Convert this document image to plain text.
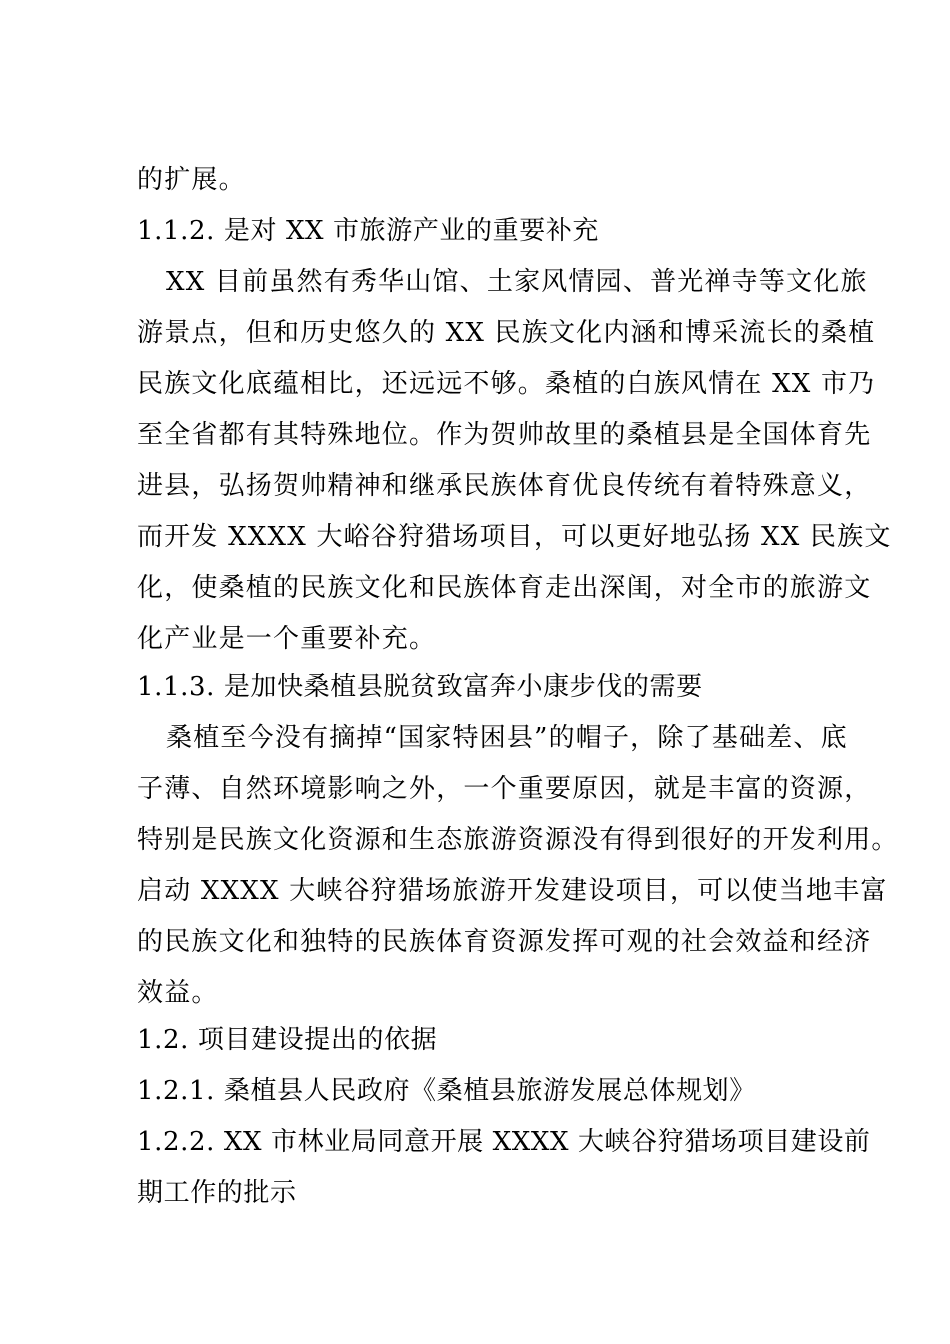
的扩展。
1.1.2. 是对 XX 市旅游产业的重要补充
XX 目前虽然有秀华山馆、土家风情园、普光禅寺等文化旅
游景点，但和历史悠久的 XX 民族文化内涵和博采流长的桑植
民族文化底蕴相比，还远远不够。桑植的白族风情在 XX 市乃
至全省都有其特殊地位。作为贺帅故里的桑植县是全国体育先
进县，弘扬贺帅精神和继承民族体育优良传统有着特殊意义，
而开发 XXXX 大峪谷狩猎场项目，可以更好地弘扬 XX 民族文
化，使桑植的民族文化和民族体育走出深闺，对全市的旅游文
化产业是一个重要补充。
1.1.3. 是加快桑植县脱贫致富奔小康步伐的需要
桑植至今没有摘掉“国家特困县”的帽子，除了基础差、底
子薄、自然环境影响之外，一个重要原因，就是丰富的资源，
特别是民族文化资源和生态旅游资源没有得到很好的开发利用。
启动 XXXX 大峡谷狩猎场旅游开发建设项目，可以使当地丰富
的民族文化和独特的民族体育资源发挥可观的社会效益和经济
效益。
1.2. 项目建设提出的依据
1.2.1. 桑植县人民政府《桑植县旅游发展总体规划》
1.2.2. XX 市林业局同意开展 XXXX 大峡谷狩猎场项目建设前
期工作的批示
